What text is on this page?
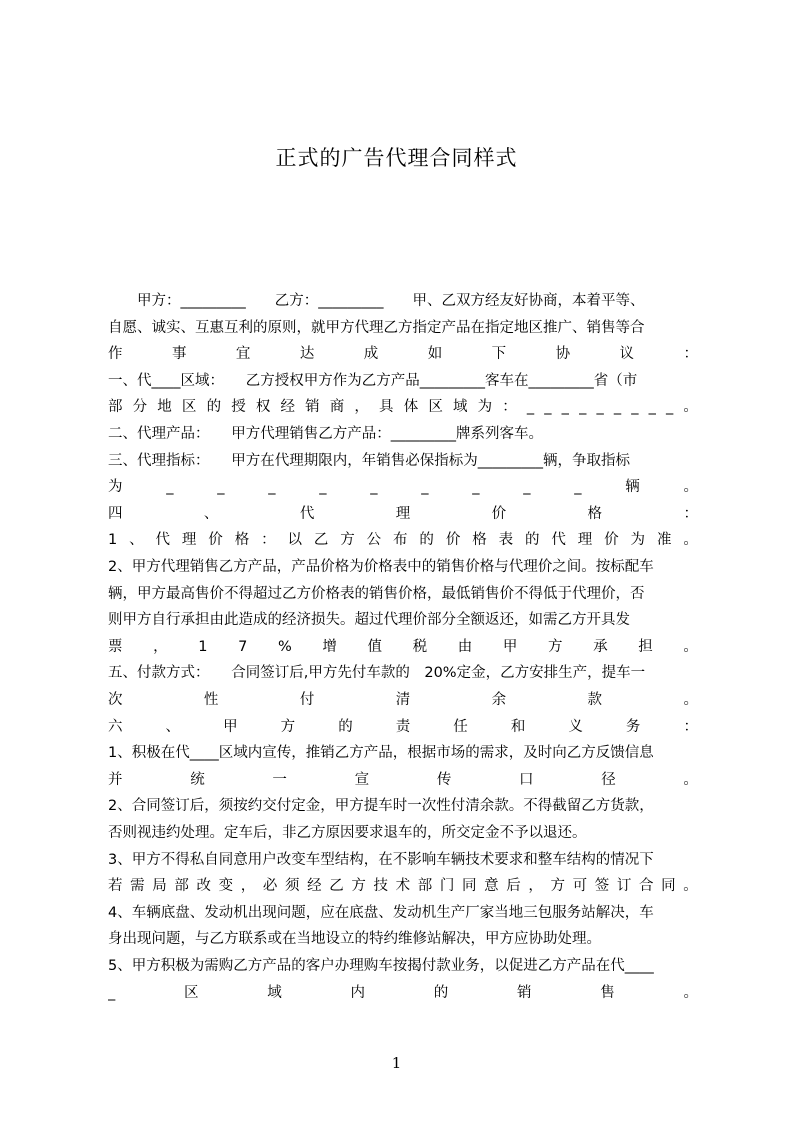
正式的广告代理合同样式
　　甲方：_________　　乙方：_________　　甲、乙双方经友好协商，本着平等、
自愿、诚实、互惠互利的原则，就甲方代理乙方指定产品在指定地区推广、销售等合
作	事	宜	达	成	如	下	协	议	：
一、代____区域：　　乙方授权甲方作为乙方产品_________客车在_________省（市
部 分 地 区 的 授 权 经 销 商 ， 具 体 区 域 为 ： _ _ _ _ _ _ _ _ _ 。
二、代理产品：　　甲方代理销售乙方产品：_________牌系列客车。
三、代理指标：　　甲方在代理期限内，年销售必保指标为_________辆，争取指标
为	_	_	_	_	_	_	_	_	_	辆	。
四	、	代	理	价	格	：
1 、 代 理 价 格 ： 以 乙 方 公 布 的 价 格 表 的 代 理 价 为 准 。
2、甲方代理销售乙方产品，产品价格为价格表中的销售价格与代理价之间。按标配车
辆，甲方最高售价不得超过乙方价格表的销售价格，最低销售价不得低于代理价，否
则甲方自行承担由此造成的经济损失。超过代理价部分全额返还，如需乙方开具发
票 ， 1 7 % 增 值 税 由 甲 方 承 担 。
五、付款方式：　　合同签订后,甲方先付车款的　20%定金，乙方安排生产，提车一
次	性	付	清	余	款	。
六	、	甲	方	的	责	任	和	义	务	：
1、积极在代____区域内宣传，推销乙方产品，根据市场的需求，及时向乙方反馈信息
并	统	一	宣	传	口	径	。
2、合同签订后，须按约交付定金，甲方提车时一次性付清余款。不得截留乙方货款，
否则视违约处理。定车后，非乙方原因要求退车的，所交定金不予以退还。
3、甲方不得私自同意用户改变车型结构，在不影响车辆技术要求和整车结构的情况下
若 需 局 部 改 变 ， 必 须 经 乙 方 技 术 部 门 同 意 后 ， 方 可 签 订 合 同 。
4、车辆底盘、发动机出现问题，应在底盘、发动机生产厂家当地三包服务站解决，车
身出现问题，与乙方联系或在当地设立的特约维修站解决，甲方应协助处理。
5、甲方积极为需购乙方产品的客户办理购车按揭付款业务，以促进乙方产品在代____
_	区	域	内	的	销	售	。
1
